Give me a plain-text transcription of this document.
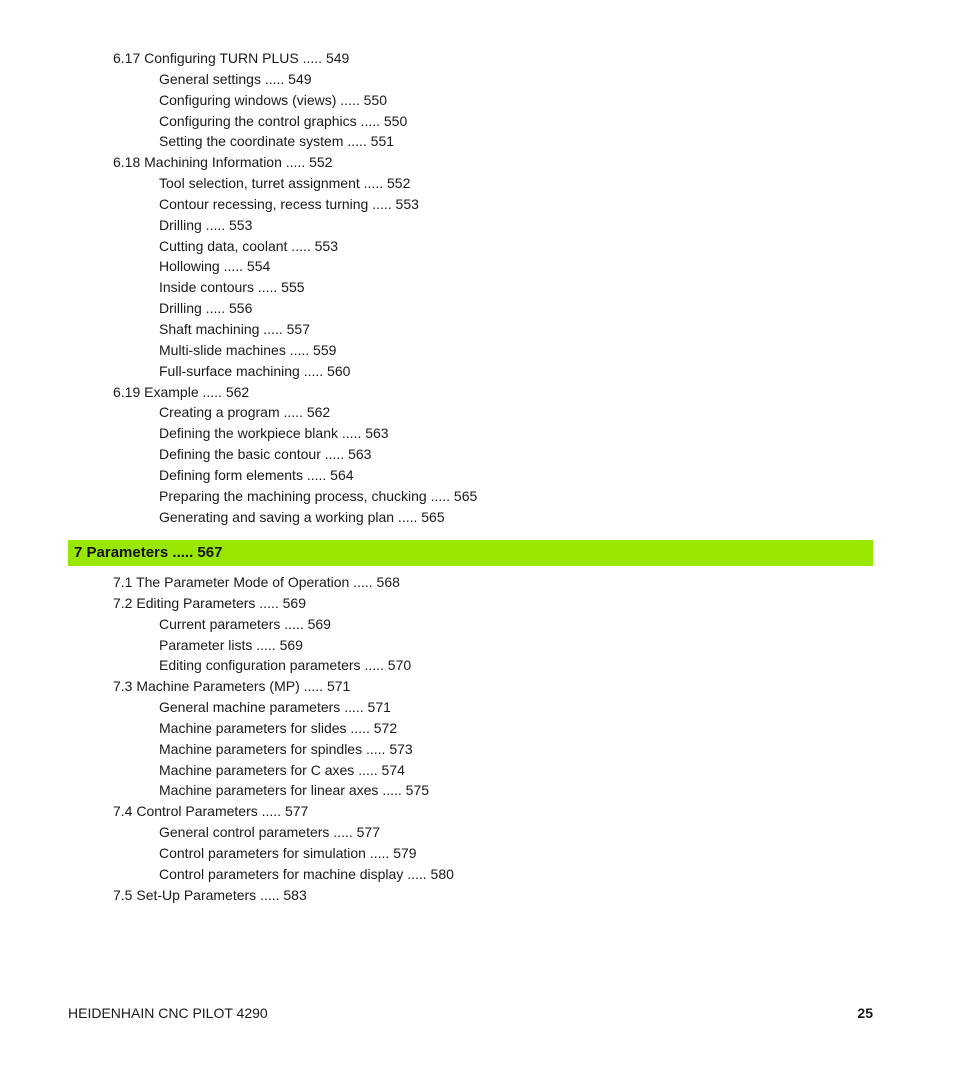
6.17 Configuring TURN PLUS ..... 549
General settings ..... 549
Configuring windows (views) ..... 550
Configuring the control graphics ..... 550
Setting the coordinate system ..... 551
6.18 Machining Information ..... 552
Tool selection, turret assignment ..... 552
Contour recessing, recess turning ..... 553
Drilling ..... 553
Cutting data, coolant ..... 553
Hollowing ..... 554
Inside contours ..... 555
Drilling ..... 556
Shaft machining ..... 557
Multi-slide machines ..... 559
Full-surface machining ..... 560
6.19 Example ..... 562
Creating a program ..... 562
Defining the workpiece blank ..... 563
Defining the basic contour ..... 563
Defining form elements ..... 564
Preparing the machining process, chucking ..... 565
Generating and saving a working plan ..... 565
7 Parameters ..... 567
7.1 The Parameter Mode of Operation ..... 568
7.2 Editing Parameters ..... 569
Current parameters ..... 569
Parameter lists ..... 569
Editing configuration parameters ..... 570
7.3 Machine Parameters (MP) ..... 571
General machine parameters ..... 571
Machine parameters for slides ..... 572
Machine parameters for spindles ..... 573
Machine parameters for C axes ..... 574
Machine parameters for linear axes ..... 575
7.4 Control Parameters ..... 577
General control parameters ..... 577
Control parameters for simulation ..... 579
Control parameters for machine display ..... 580
7.5 Set-Up Parameters ..... 583
HEIDENHAIN CNC PILOT 4290	25
